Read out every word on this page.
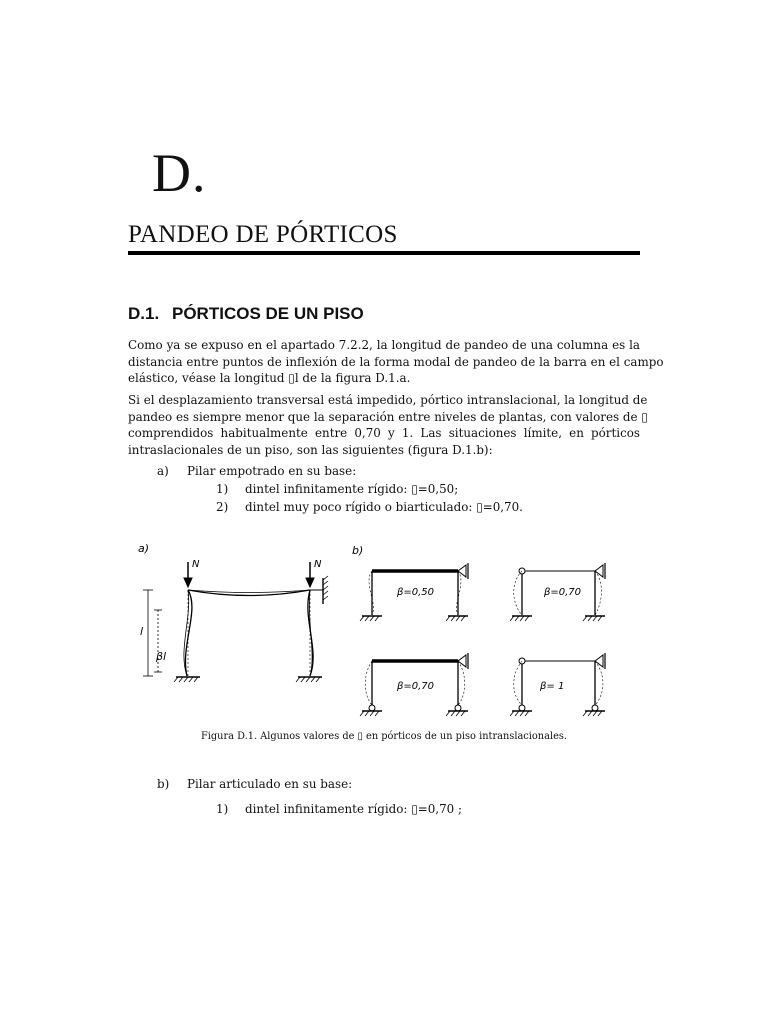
D.
PANDEO DE PÓRTICOS
D.1. PÓRTICOS DE UN PISO
Como ya se expuso en el apartado 7.2.2, la longitud de pandeo de una columna es la
distancia entre puntos de inflexión de la forma modal de pandeo de la barra en el campo
elástico, véase la longitud ▯l de la figura D.1.a.
Si el desplazamiento transversal está impedido, pórtico intranslacional, la longitud de
pandeo es siempre menor que la separación entre niveles de plantas, con valores de ▯
comprendidos habitualmente entre 0,70 y 1. Las situaciones límite, en pórticos
intraslacionales de un piso, son las siguientes (figura D.1.b):
a) Pilar empotrado en su base:
1) dintel infinitamente rígido: ▯=0,50;
2) dintel muy poco rígido o biarticulado: ▯=0,70.
a)
l
βl
N	N
b)
β=0,50	β=0,70
β=0,70	β= 1
Figura D.1. Algunos valores de ▯ en pórticos de un piso intranslacionales.
b) Pilar articulado en su base:
1) dintel infinitamente rígido: ▯=0,70 ;
